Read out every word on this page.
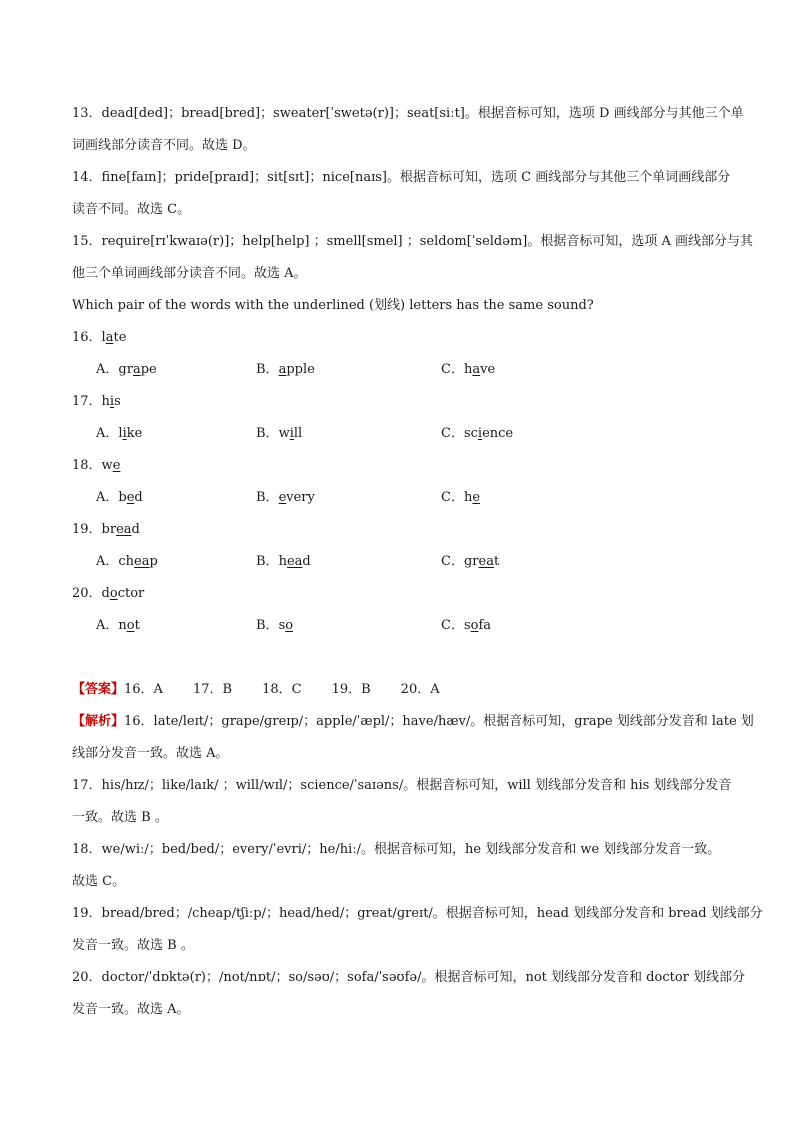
13．dead[ded]；bread[bred]；sweater[ˈswetə(r)]；seat[siːt]。根据音标可知，选项 D 画线部分与其他三个单
词画线部分读音不同。故选 D。
14．fine[faɪn]；pride[praɪd]；sit[sɪt]；nice[naɪs]。根据音标可知，选项 C 画线部分与其他三个单词画线部分
读音不同。故选 C。
15．require[rɪˈkwaɪə(r)]；help[help] ；smell[smel] ；seldom[ˈseldəm]。根据音标可知，选项 A 画线部分与其
他三个单词画线部分读音不同。故选 A。
Which pair of the words with the underlined (划线) letters has the same sound?
16．late
A．grape	B．apple	C．have
17．his
A．like	B．will	C．science
18．we
A．bed	B．every	C．he
19．bread
A．cheap	B．head	C．great
20．doctor
A．not	B．so	C．sofa
【答案】16．A 17．B 18．C 19．B 20．A
【解析】16．late/leɪt/；grape/ɡreɪp/；apple/ˈæpl/；have/hæv/。根据音标可知，grape 划线部分发音和 late 划
线部分发音一致。故选 A。
17．his/hɪz/；like/laɪk/ ；will/wɪl/；science/ˈsaɪəns/。根据音标可知，will 划线部分发音和 his 划线部分发音
一致。故选 B 。
18．we/wiː/；bed/bed/；every/ˈevri/；he/hiː/。根据音标可知，he 划线部分发音和 we 划线部分发音一致。
故选 C。
19．bread/bred；/cheap/tʃiːp/；head/hed/；great/ɡreɪt/。根据音标可知，head 划线部分发音和 bread 划线部分
发音一致。故选 B 。
20．doctor/ˈdɒktə(r)；/not/nɒt/；so/səʊ/；sofa/ˈsəʊfə/。根据音标可知，not 划线部分发音和 doctor 划线部分
发音一致。故选 A。
